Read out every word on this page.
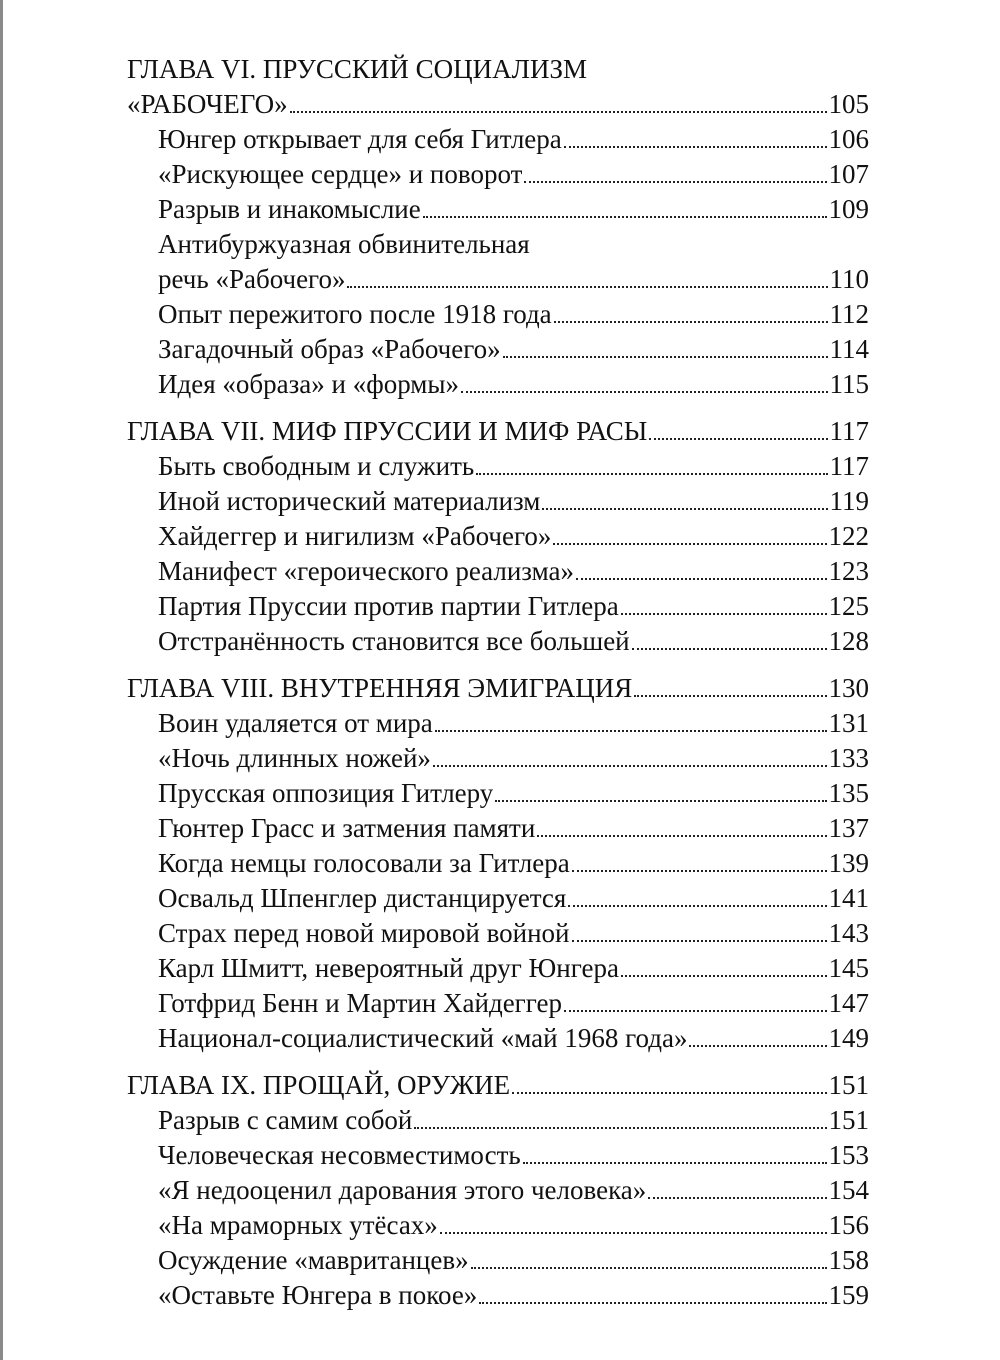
ГЛАВА VI. ПРУССКИЙ СОЦИАЛИЗМ
«РАБОЧЕГО»	105
Юнгер открывает для себя Гитлера	106
«Рискующее сердце» и поворот	107
Разрыв и инакомыслие	109
Антибуржуазная обвинительная
речь «Рабочего»	110
Опыт пережитого после 1918 года	112
Загадочный образ «Рабочего»	114
Идея «образа» и «формы»	115
ГЛАВА VII. МИФ ПРУССИИ И МИФ РАСЫ	117
Быть свободным и служить	117
Иной исторический материализм	119
Хайдеггер и нигилизм «Рабочего»	122
Манифест «героического реализма»	123
Партия Пруссии против партии Гитлера	125
Отстранённость становится все большей	128
ГЛАВА VIII. ВНУТРЕННЯЯ ЭМИГРАЦИЯ	130
Воин удаляется от мира	131
«Ночь длинных ножей»	133
Прусская оппозиция Гитлеру	135
Гюнтер Грасс и затмения памяти	137
Когда немцы голосовали за Гитлера	139
Освальд Шпенглер дистанцируется	141
Страх перед новой мировой войной	143
Карл Шмитт, невероятный друг Юнгера	145
Готфрид Бенн и Мартин Хайдеггер	147
Национал-социалистический «май 1968 года»	149
ГЛАВА IX. ПРОЩАЙ, ОРУЖИЕ	151
Разрыв с самим собой	151
Человеческая несовместимость	153
«Я недооценил дарования этого человека»	154
«На мраморных утёсах»	156
Осуждение «мавританцев»	158
«Оставьте Юнгера в покое»	159
